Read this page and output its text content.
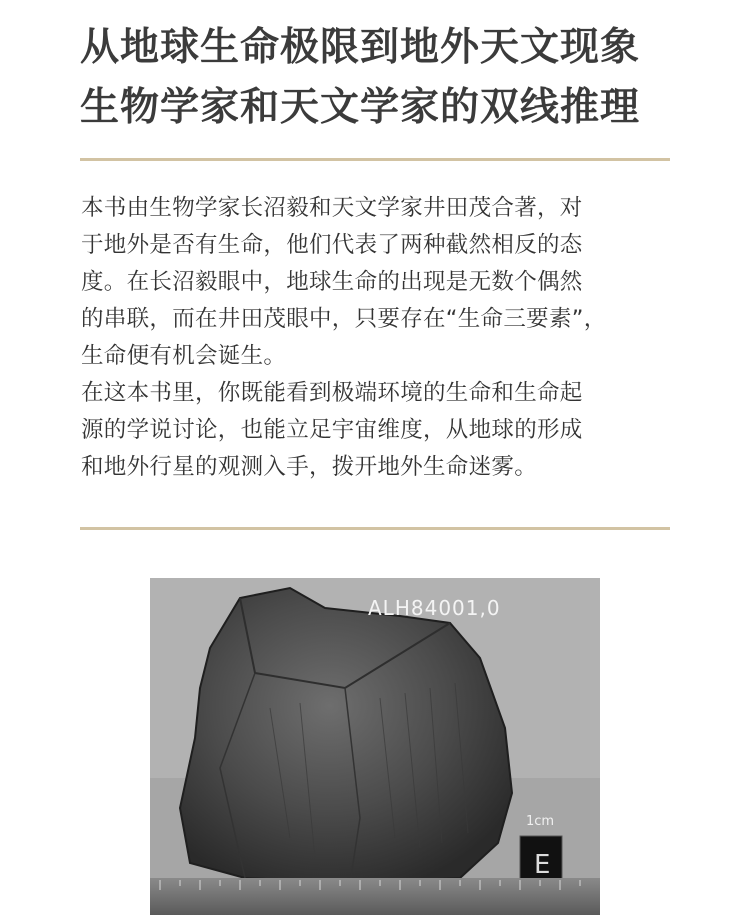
从地球生命极限到地外天文现象
生物学家和天文学家的双线推理

本书由生物学家长沼毅和天文学家井田茂合著，对
于地外是否有生命，他们代表了两种截然相反的态
度。在长沼毅眼中，地球生命的出现是无数个偶然
的串联，而在井田茂眼中，只要存在“生命三要素”，
生命便有机会诞生。

在这本书里，你既能看到极端环境的生命和生命起
源的学说讨论，也能立足宇宙维度，从地球的形成
和地外行星的观测入手，拨开地外生命迷雾。

ALH84001,0
1cm
E
